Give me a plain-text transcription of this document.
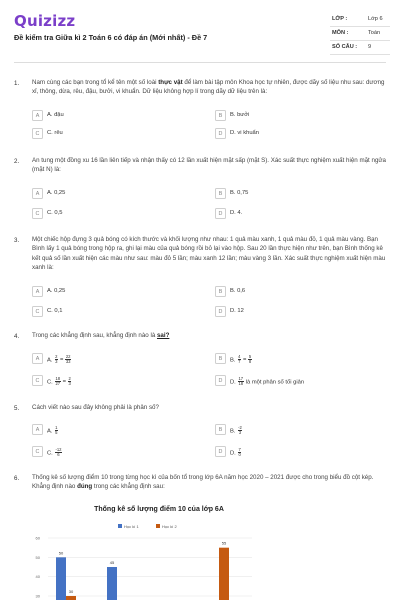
Quizizz
Đề kiểm tra Giữa kì 2 Toán 6 có đáp án (Mới nhất) - Đề 7
LỚP :	Lớp 6
MÔN :	Toán
SỐ CÂU : 9
1. Nam cùng các bạn trong tổ kể tên một số loài thực vật để làm bài tập môn Khoa học tự nhiên, được dãy số liệu nhu sau: dương xỉ, thông, dừa, rêu, đậu, bưởi, vi khuẩn. Dữ liệu không hợp lí trong dãy dữ liệu trên là:
A	A. đậu	B	B. bưởi
C	C. rêu	D	D. vi khuẩn
2. An tung một đồng xu 16 lần liên tiếp và nhận thấy có 12 lần xuất hiện mặt sấp (mặt S). Xác suất thực nghiệm xuất hiện mặt ngửa (mặt N) là:
A	A. 0,25	B	B. 0,75
C	C. 0,5	D	D. 4.
3. Một chiếc hộp đựng 3 quả bóng có kích thước và khối lượng như nhau: 1 quả màu xanh, 1 quả màu đỏ, 1 quả màu vàng. Bạn Bình lấy 1 quả bóng trong hộp ra, ghi lại màu của quả bóng rồi bỏ lại vào hộp. Sau 20 lần thực hiện như trên, bạn Bình thống kê kết quả số lần xuất hiện các màu như sau: màu đỏ 5 lần; màu xanh 12 lần; màu vàng 3 lần. Xác suất thực nghiệm xuất hiện màu xanh là:
A	A. 0,25	B	B. 0,6
C	C. 0,1	D	D. 12
4. Trong các khẳng định sau, khẳng định nào là sai?
A	A. $\frac{2}{3} = \frac{22}{33}$	B	B. $\frac{4}{7} = \frac{5}{8}$
C	C. $\frac{18}{27} = \frac{2}{3}$	D	D. $\frac{17}{18}$ là một phân số tối giản
5. Cách viết nào sau đây không phải là phân số?
A	A. $\frac{1}{5}$	B	B. $\frac{-2}{3}$
C	C. $\frac{-12}{6}$	D	D. $\frac{7}{0}$
6. Thống kê số lượng điểm 10 trong từng học kì của bốn tổ trong lớp 6A năm học 2020 – 2021 được cho trong biểu đồ cột kép. Khẳng định nào đúng trong các khẳng định sau:
Thống kê số lượng điểm 10 của lớp 6A
Học kì 1	Học kì 2
60
50
40
30
50
45
30
55
